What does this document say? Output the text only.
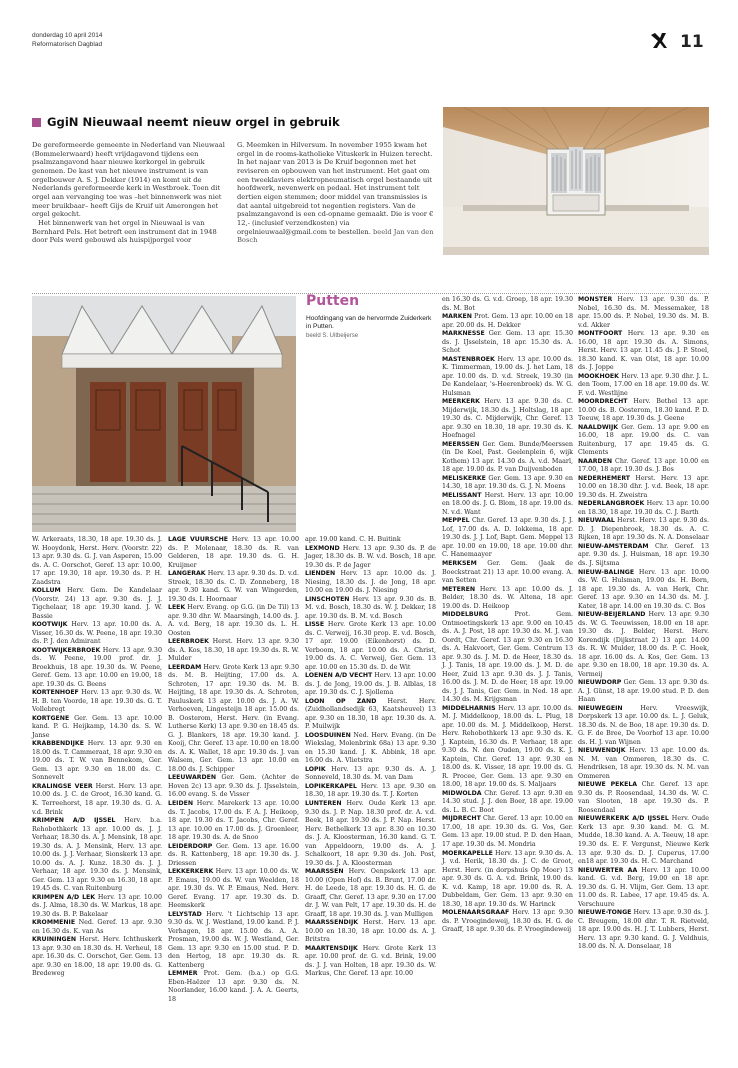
donderdag 10 april 2014
Reformatorisch Dagblad	11
GgiN Nieuwaal neemt nieuw orgel in gebruik

De gereformeerde gemeente in Nederland van Nieuwaal (Bommelerwaard) heeft vrijdagavond tijdens een psalmzangavond haar nieuwe kerkorgel in gebruik genomen. De kast van het nieuwe instrument is van orgelbouwer A. S. J. Dekker (1914) en komt uit de Nederlands gereformeerde kerk in Westbroek. Toen dit orgel aan vervanging toe was –het binnenwerk was niet meer bruikbaar– heeft Gijs de Kruif uit Amerongen het orgel gekocht.

Het binnenwerk van het orgel in Nieuwaal is van Bernhard Pels. Het betreft een instrument dat in 1948 door Pels werd gebouwd als huispijporgel voor

G. Meemken in Hilversum. In november 1955 kwam het orgel in de rooms-katholieke Vituskerk in Huizen terecht. In het najaar van 2013 is De Kruif begonnen met het reviseren en opbouwen van het instrument. Het gaat om een tweeklaviers elektropneumatisch orgel bestaande uit hoofdwerk, nevenwerk en pedaal. Het instrument telt dertien eigen stemmen; door middel van transmissies is dat aantal uitgebreid tot negentien registers. Van de psalmzangavond is een cd-opname gemaakt. Die is voor € 12,- (inclusief verzendkosten) via orgelnieuwaal@gmail.com te bestellen. beeld Jan van den Bosch

Putten
Hoofdingang van de hervormde Zuiderkerk in Putten.
beeld S. Uitbeijerse
W. Arkeraats, 18.30, 18 apr. 19.30 ds. J. W. Hooydonk, Herst. Herv. (Voorstr. 22) 13 apr. 9.30 ds. G. J. van Asperen, 15.00 ds. A. C. Oorschot, Geref. 13 apr. 10.00, 17 apr. 19.30, 18 apr. 19.30 ds. P. H. Zaadstra
KOLLUM Herv. Gem. De Kandelaar (Voorstr. 24) 13 apr. 9.30 ds. J. J. Tigchelaar, 18 apr. 19.30 kand. J. W. Bassie
KOOTWIJK Herv. 13 apr. 10.00 ds. A. Visser, 16.30 ds. W. Peene, 18 apr. 19.30 ds. P. J. den Admirant
KOOTWIJKERBROEK Herv. 13 apr. 9.30 ds. W. Peene, 19.00 prof. dr. J. Broekhuis, 18 apr. 19.30 ds. W. Peene, Geref. Gem. 13 apr. 10.00 en 19.00, 18 apr. 19.30 ds. G. Beens
KORTENHOEF Herv. 13 apr. 9.30 ds. W. H. B. ten Voorde, 18 apr. 19.30 ds. G. T. Vollebregt
KORTGENE Ger. Gem. 13 apr. 10.00 kand. P. G. Heijkamp, 14.30 ds. S. W. Janse
KRABBENDIJKE Herv. 13 apr. 9.30 en 18.00 ds. T. Cammeraat, 18 apr. 9.30 en 19.00 ds. T. W. van Bennekom, Ger. Gem. 13 apr. 9.30 en 18.00 ds. C. Sonnevelt
KRALINGSE VEER Herst. Herv. 13 apr. 10.00 ds. J. C. de Groot, 16.30 kand. G. K. Terreehorst, 18 apr. 19.30 ds. G. A. v.d. Brink
KRIMPEN A/D IJSSEL Herv. b.a. Rehobothkerk 13 apr. 10.00 ds. J. J. Verhaar, 18.30 ds. A. J. Mensink, 18 apr. 19.30 ds. A. J. Mensink, Herv. 13 apr. 10.00 ds. J. J. Verhaar, Sionskerk 13 apr. 10.00 ds. A. J. Kunz. 18.30 ds. J. J. Verhaar, 18 apr. 19.30 ds. J. Mensink, Ger. Gem. 13 apr. 9.30 en 16.30, 18 apr. 19.45 ds. C. van Ruitenburg
KRIMPEN A/D LEK Herv. 13 apr. 10.00 ds. J. Alma, 18.30 ds. W. Markus, 18 apr. 19.30 ds. B. P. Bakelaar
KROMMENIE Ned. Geref. 13 apr. 9.30 en 16.30 ds. K. van As
KRUININGEN Herst. Herv. Ichthuskerk 13 apr. 9.30 en 18.30 ds. H. Verheul, 18 apr. 16.30 ds. C. Oorschot, Ger. Gem. 13 apr. 9.30 en 18.00, 18 apr. 19.00 ds. G. Bredeweg
LAGE VUURSCHE Herv. 13 apr. 10.00 ds. P. Molenaar, 18.30 ds. R. van Gelderen, 18 apr. 19.30 ds. G. H. Kruijmer
LANGERAK Herv. 13 apr. 9.30 ds. D. v.d. Streek, 18.30 ds. C. D. Zonneberg, 18 apr. 9.30 kand. G. W. van Wingerden, 19.30 ds. I. Hoornaar
LEEK Herv. Evang. op G.G. (in De Til) 13 apr. 9.30 dhr. W. Maarsingh, 14.00 ds. J. A. v.d. Berg, 18 apr. 19.30 ds. L. H. Oosten
LEERBROEK Herst. Herv. 13 apr. 9.30 ds. A. Kos, 18.30, 18 apr. 19.30 ds. R. W. Mulder
LEERDAM Herv. Grote Kerk 13 apr. 9.30 ds. M. B. Heijting, 17.00 ds. A. Schroten, 17 apr. 19.30 ds. M. B. Heijting, 18 apr. 19.30 ds. A. Schroten, Pauluskerk 13 apr. 10.00 ds. J. A. W. Verhoeven, Lingesteijn 18 apr. 15.00 ds. B. Oosterom, Herst. Herv. (in Evang. Lutherse Kerk) 13 apr. 9.30 en 18.45 ds. G. J. Blankers, 18 apr. 19.30 kand. J. Kooij, Chr. Geref. 13 apr. 10.00 en 18.00 ds. A. K. Wallet, 18 apr. 19.30 ds. J. van Walsem, Ger. Gem. 13 apr. 10.00 en 18.00 ds. J. Schipper
LEEUWARDEN Ger. Gem. (Achter de Hoven 2c) 13 apr. 9.30 ds. J. IJsselstein, 16.00 evang. S. de Visser
LEIDEN Herv. Marekerk 13 apr. 10.00 ds. T. Jacobs, 17.00 ds. F. A. J. Heikoop, 18 apr. 19.30 ds. T. Jacobs, Chr. Geref. 13 apr. 10.00 en 17.00 ds. J. Groenleer, 18 apr. 19.30 ds. A. de Snoo
LEIDERDORP Ger. Gem. 13 apr. 16.00 ds. R. Kattenberg, 18 apr. 19.30 ds. J. Driessen
LEKKERKERK Herv. 13 apr. 10.00 ds. W. P. Emaus, 19.00 ds. W. van Weelden, 18 apr. 19.30 ds. W. P. Emaus, Ned. Herv. Geref. Evang. 17 apr. 19.30 ds. D. Heemskerk
LELYSTAD Herv. 't Lichtschip 13 apr. 9.30 ds. W. J. Westland, 19.00 kand. P. J. Verhagen, 18 apr. 15.00 ds. A. A. Prosman, 19.00 ds. W. J. Westland, Ger. Gem. 13 apr. 9.30 en 15.00 stud. P. D. den Hertog, 18 apr. 19.30 ds. R. Kattenberg
LEMMER Prot. Gem. (b.a.) op G.G. Eben-Haëzer 13 apr. 9.30 ds. N. Noorlander, 16.00 kand. J. A. A. Geerts, 18
apr. 19.00 kand. C. H. Buitink
LEXMOND Herv. 13 apr. 9.30 ds. P. de Jager, 18.30 ds. B. W. v.d. Bosch, 18 apr. 19.30 ds. P. de Jager
LIENDEN Herv. 13 apr. 10.00 ds. J. Niesing, 18.30 ds. J. de Jong, 18 apr. 10.00 en 19.00 ds. J. Niesing
LINSCHOTEN Herv. 13 apr. 9.30 ds. B. M. v.d. Bosch, 18.30 ds. W. J. Dekker, 18 apr. 19.30 ds. B. M. v.d. Bosch
LISSE Herv. Grote Kerk 13 apr. 10.00 ds. C. Verweij, 16.30 prop. E. v.d. Bosch, 17 apr. 19.00 (Eikenhorst) ds. D. Verboom, 18 apr. 10.00 ds. A. Christ, 19.00 ds. A. C. Verweij, Ger. Gem. 13 apr. 10.00 en 15.30 ds. D. de Wit
LOENEN A/D VECHT Herv. 13 apr. 10.00 ds. J. de Jong, 19.00 ds. J. B. Alblas, 18 apr. 19.30 ds. C. J. Sjollema
LOON OP ZAND Herst. Herv. (Zuidhollandsedijk 63, Kaatsheuvel) 13 apr. 9.30 en 18.30, 18 apr. 19.30 ds. A. P. Muilwijk
LOOSDUINEN Ned. Herv. Evang. (in De Wiekslag, Molenbrink 68a) 13 apr. 9.30 en 15.30 kand. J. K. Abbink, 18 apr. 16.00 ds. A. Vlietstra
LOPIK Herv. 13 apr. 9.30 ds. A. J. Sonneveld, 18.30 ds. M. van Dam
LOPIKERKAPEL Herv. 13 apr. 9.30 en 18.30, 18 apr. 19.30 ds. T. J. Korten
LUNTEREN Herv. Oude Kerk 13 apr. 9.30 ds. J. P. Nap. 18.30 prof. dr. A. v.d. Beek, 18 apr. 19.30 ds. J. P. Nap. Herst. Herv. Bethelkerk 13 apr. 8.30 en 10.30 ds. J. A. Kloosterman, 16.30 kand. G. T. van Appeldoorn, 19.00 ds. A. J. Schalkoort, 18 apr. 9.30 ds. Joh. Post, 19.30 ds. J. A. Kloosterman
MAARSSEN Herv. Oenpskerk 13 apr. 10.00 (Open Hof) ds. B. Brunt, 17.00 dr. H. de Leede, 18 apr. 19.30 ds. H. G. de Graaff, Chr. Geref. 13 apr. 9.30 en 17.00 dr. J. W. van Pelt, 17 apr. 19.30 ds. H. de Graaff, 18 apr. 19.30 ds. J. van Mulligen
MAARSSENDIJK Herst. Herv. 13 apr. 10.00 en 18.30, 18 apr. 10.00 ds. A. J. Britstra
MAARTENSDIJK Herv. Grote Kerk 13 apr. 10.00 prof. dr. G. v.d. Brink, 19.00 ds. J. J. van Holten, 18 apr. 19.30 ds. W. Markus, Chr. Geref. 13 apr. 10.00
en 16.30 ds. G. v.d. Groep, 18 apr. 19.30 ds. M. Bot
MARKEN Prot. Gem. 13 apr. 10.00 en 18 apr. 20.00 ds. H. Dekker
MARKNESSE Ger. Gem. 13 apr. 15.30 ds. J. IJsselstein, 18 apr. 15.30 ds. A. Schot
MASTENBROEK Herv. 13 apr. 10.00 ds. K. Timmerman, 19.00 ds. J. het Lam, 18 apr. 10.00 ds. D. v.d. Streek, 19.30 (in De Kandelaar, 's-Heerenbroek) ds. W. G. Hulsman
MEERKERK Herv. 13 apr. 9.30 ds. C. Mijderwijk, 18.30 ds. J. Holtslag, 18 apr. 19.30 ds. C. Mijderwijk, Chr. Geref. 13 apr. 9.30 en 18.30, 18 apr. 19.30 ds. K. Hoefnagel
MEERSSEN Ger. Gem. Bunde/Meerssen (in De Koel, Past. Geelenplein 6, wijk Kothem) 13 apr. 14.30 ds. A. v.d. Maarl, 18 apr. 19.00 ds. P. van Duijvenboden
MELISKERKE Ger. Gem. 13 apr. 9.30 en 14.30, 18 apr. 19.30 ds. G. J. N. Moens
MELISSANT Herst. Herv. 13 apr. 10.00 en 18.00 ds. J. G. Blom, 18 apr. 19.00 ds. N. v.d. Want
MEPPEL Chr. Geref. 13 apr. 9.30 ds. J. J. Lof, 17.00 ds. A. D. Iokkema, 18 apr. 19.30 ds. J. J. Lof, Bapt. Gem. Meppel 13 apr. 10.00 en 19.00, 18 apr. 19.00 dhr. C. Hanemaayer
MERKSEM Ger. Gem. (Jaak de Boeckstraat 21) 13 apr. 10.00 evang. A. van Setten
METEREN Herv. 13 apr. 10.00 ds. J. Belder, 18.30 ds. W. Altena, 18 apr. 19.00 ds. D. Heikoop
MIDDELBURG	Prot. Gem. Ontmoetingskerk 13 apr. 9.00 en 10.45 ds. A. J. Post, 18 apr. 19.30 ds. M. J. van Oordt, Chr. Geref. 13 apr. 9.30 en 16.30 ds. A. Hakvoort, Ger. Gem. Centrum 13 apr. 9.30 ds. J. M. D. de Heer, 18.30 ds. J. J. Tanis, 18 apr. 19.00 ds. J. M. D. de Heer, Zuid 13 apr. 9.30 ds. J. J. Tanis, 16.00 ds. J. M. D. de Heer, 18 apr. 19.00 ds. J. J. Tanis, Ger. Gem. in Ned. 18 apr. 14.30 ds. M. Krijgsman
MIDDELHARNIS Herv. 13 apr. 10.00 ds. M. J. Middelkoop, 18.00 ds. L. Plug, 18 apr. 10.00 ds. M. J. Middelkoop, Herst. Herv. Rehobothkerk 13 apr. 9.30 ds. K. J. Kaptein, 16.30 ds. P. Verhaar, 18 apr. 9.30 ds. N. den Ouden, 19.00 ds. K. J. Kaptein, Chr. Geref. 13 apr. 9.30 en 18.00 ds. K. Visser, 18 apr. 19.00 ds. G. R. Procee, Ger. Gem. 13 apr. 9.30 en 18.00, 18 apr. 19.00 ds. S. Maljaars
MIDWOLDA Chr. Geref. 13 apr. 9.30 en 14.30 stud. J. J. den Boer, 18 apr. 19.00 ds. L. B. C. Boot
MIJDRECHT Chr. Geref. 13 apr. 10.00 en 17.00, 18 apr. 19.30 ds. G. Vos, Ger. Gem. 13 apr. 19.00 stud. P. D. den Haan, 17 apr. 19.30 ds. M. Mondria
MOERKAPELLE Herv. 13 apr. 9.30 ds. A. J. v.d. Herik, 18.30 ds. J. C. de Groot, Herst. Herv. (in dorpshuis Op Moer) 13 apr. 9.30 ds. G. A. v.d. Brink, 19.00 ds. K. v.d. Kamp, 18 apr. 19.00 ds. R. A. Dubbeldam, Ger. Gem. 13 apr. 9.30 en 18.30, 18 apr. 19.30 ds. W. Harinck
MOLENAARSGRAAF Herv. 13 apr. 9.30 ds. P. Vroegindeweij, 18.30 ds. H. G. de Graaff, 18 apr. 9.30 ds. P. Vroegindeweij
MONSTER Herv. 13 apr. 9.30 ds. P. Nobel, 16.30 ds. M. Messemaker, 18 apr. 15.00 ds. P. Nobel, 19.30 ds. M. B. v.d. Akker
MONTFOORT Herv. 13 apr. 9.30 en 16.00, 18 apr. 19.30 ds. A. Simons, Herst. Herv. 13 apr. 11.45 ds. J. P. Stoel, 18.30 kand. K. van Olst, 18 apr. 10.00 ds. J. Joppe
MOOKHOEK Herv. 13 apr. 9.30 dhr. J. L. den Toom, 17.00 en 18 apr. 19.00 ds. W. F. v.d. Westlijne
MOORDRECHT Herv. Bethel 13 apr. 10.00 ds. B. Oosterom, 18.30 kand. P. D. Teeuw, 18 apr. 19.30 ds. J. Geene
NAALDWIJK Ger. Gem. 13 apr. 9.00 en 16.00, 18 apr. 19.00 ds. C. van Ruitenburg, 17 apr. 19.45 ds. G. Clements
NAARDEN Chr. Geref. 13 apr. 10.00 en 17.00, 18 apr. 19.30 ds. J. Bos
NEDERHEMERT Herst. Herv. 13 apr. 10.00 en 18.30 dhr. J. v.d. Beek, 18 apr. 19.30 ds. H. Zweistra
NEDERLANGBROEK Herv. 13 apr. 10.00 en 18.30, 18 apr. 19.30 ds. C. J. Barth
NIEUWAAL Herst. Herv. 13 apr. 9.30 ds. D. J. Diepenbroek, 18.30 ds. A. C. Rijken, 18 apr. 19.30 ds. N. A. Donselaar
NIEUW-AMSTERDAM Chr. Geref. 13 apr. 9.30 ds. J. Huisman, 18 apr. 19.30 ds. J. Sijtsma
NIEUW-BALINGE Herv. 13 apr. 10.00 ds. W. G. Hulsman, 19.00 ds. H. Born, 18 apr. 19.30 ds. A. van Herk, Chr. Geref. 13 apr. 9.30 en 14.30 ds. M. J. Kater, 18 apr. 14.00 en 19.30 ds. C. Bos
NIEUW-BEIJERLAND Herv. 13 apr. 9.30 ds. W. G. Teeuwissen, 18.00 en 18 apr. 19.30 ds. J. Belder, Herst. Herv. Korendijk (Dijkstraat 2) 13 apr. 14.00 ds. R. W. Mulder, 18.00 ds. P. C. Hoek, 18 apr. 16.00 ds. A. Kos, Ger. Gem. 13 apr. 9.30 en 18.00, 18 apr. 19.30 ds. A. Vermeij
NIEUWDORP Ger. Gem. 13 apr. 9.30 ds. A. J. Günst, 18 apr. 19.00 stud. P. D. den Haan
NIEUWEGEIN	Herv. Vreeswijk, Dorpskerk 13 apr. 10.00 ds. L. J. Geluk, 18.30 ds. N. de Boo, 18 apr. 19.30 ds. D. G. F. de Bree, De Voorhof 13 apr. 10.00 ds. H. J. van Wijnen
NIEUWENDIJK Herv. 13 apr. 10.00 ds. N. M. van Ommeren, 18.30 ds. C. Hendriksen, 18 apr. 19.30 ds. N. M. van Ommeren
NIEUWE PEKELA Chr. Geref. 13 apr. 9.30 ds. P. Roosendaal, 14.30 ds. W. C. van Slooten, 18 apr. 19.30 ds. P. Roosendaal
NIEUWERKERK A/D IJSSEL Herv. Oude Kerk 13 apr. 9.30 kand. M. G. M. Mudde, 18.30 kand. A. A. Teeuw, 18 apr. 19.30 ds. E. F. Vergunst, Nieuwe Kerk 13 apr. 9.30 ds. D. J. Cuperus, 17.00 en18 apr. 19.30 ds. H. C. Marchand
NIEUWERTER AA Herv. 13 apr. 10.00 kand. G. v.d. Berg, 19.00 en 18 apr. 19.30 ds. G. H. Vlijm, Ger. Gem. 13 apr. 11.00 ds. R. Labee, 17 apr. 19.45 ds. A. Verschuure
NIEUWE-TONGE Herv. 13 apr. 9.30 ds. J. C. Breugem, 18.00 dhr. T. R. Rietveld, 18 apr. 19.00 ds. H. J. T. Lubbers, Herst. Herv. 13 apr. 9.30 kand. G. J. Veldhuis, 18.00 ds. N. A. Donselaar, 18
